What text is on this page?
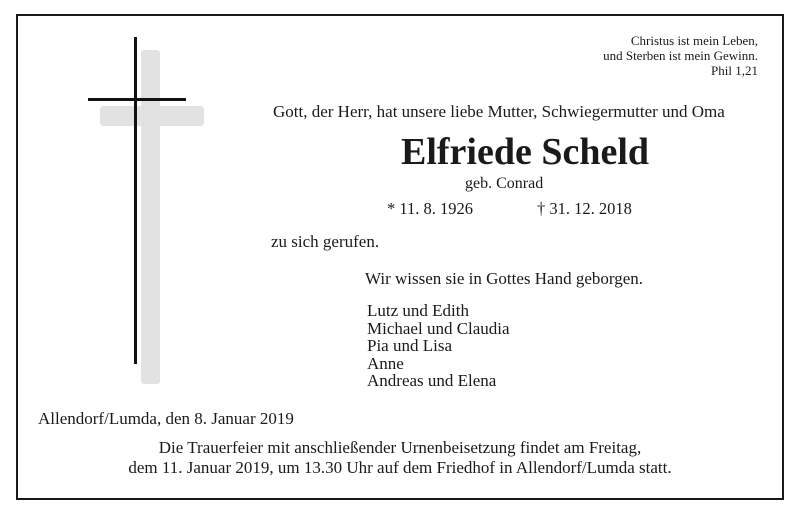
Christus ist mein Leben,
und Sterben ist mein Gewinn.
Phil 1,21
Gott, der Herr, hat unsere liebe Mutter, Schwiegermutter und Oma
Elfriede Scheld
geb. Conrad
* 11. 8. 1926	† 31. 12. 2018
zu sich gerufen.
Wir wissen sie in Gottes Hand geborgen.
Lutz und Edith
Michael und Claudia
Pia und Lisa
Anne
Andreas und Elena
Allendorf/Lumda, den 8. Januar 2019
Die Trauerfeier mit anschließender Urnenbeisetzung findet am Freitag,
dem 11. Januar 2019, um 13.30 Uhr auf dem Friedhof in Allendorf/Lumda statt.
